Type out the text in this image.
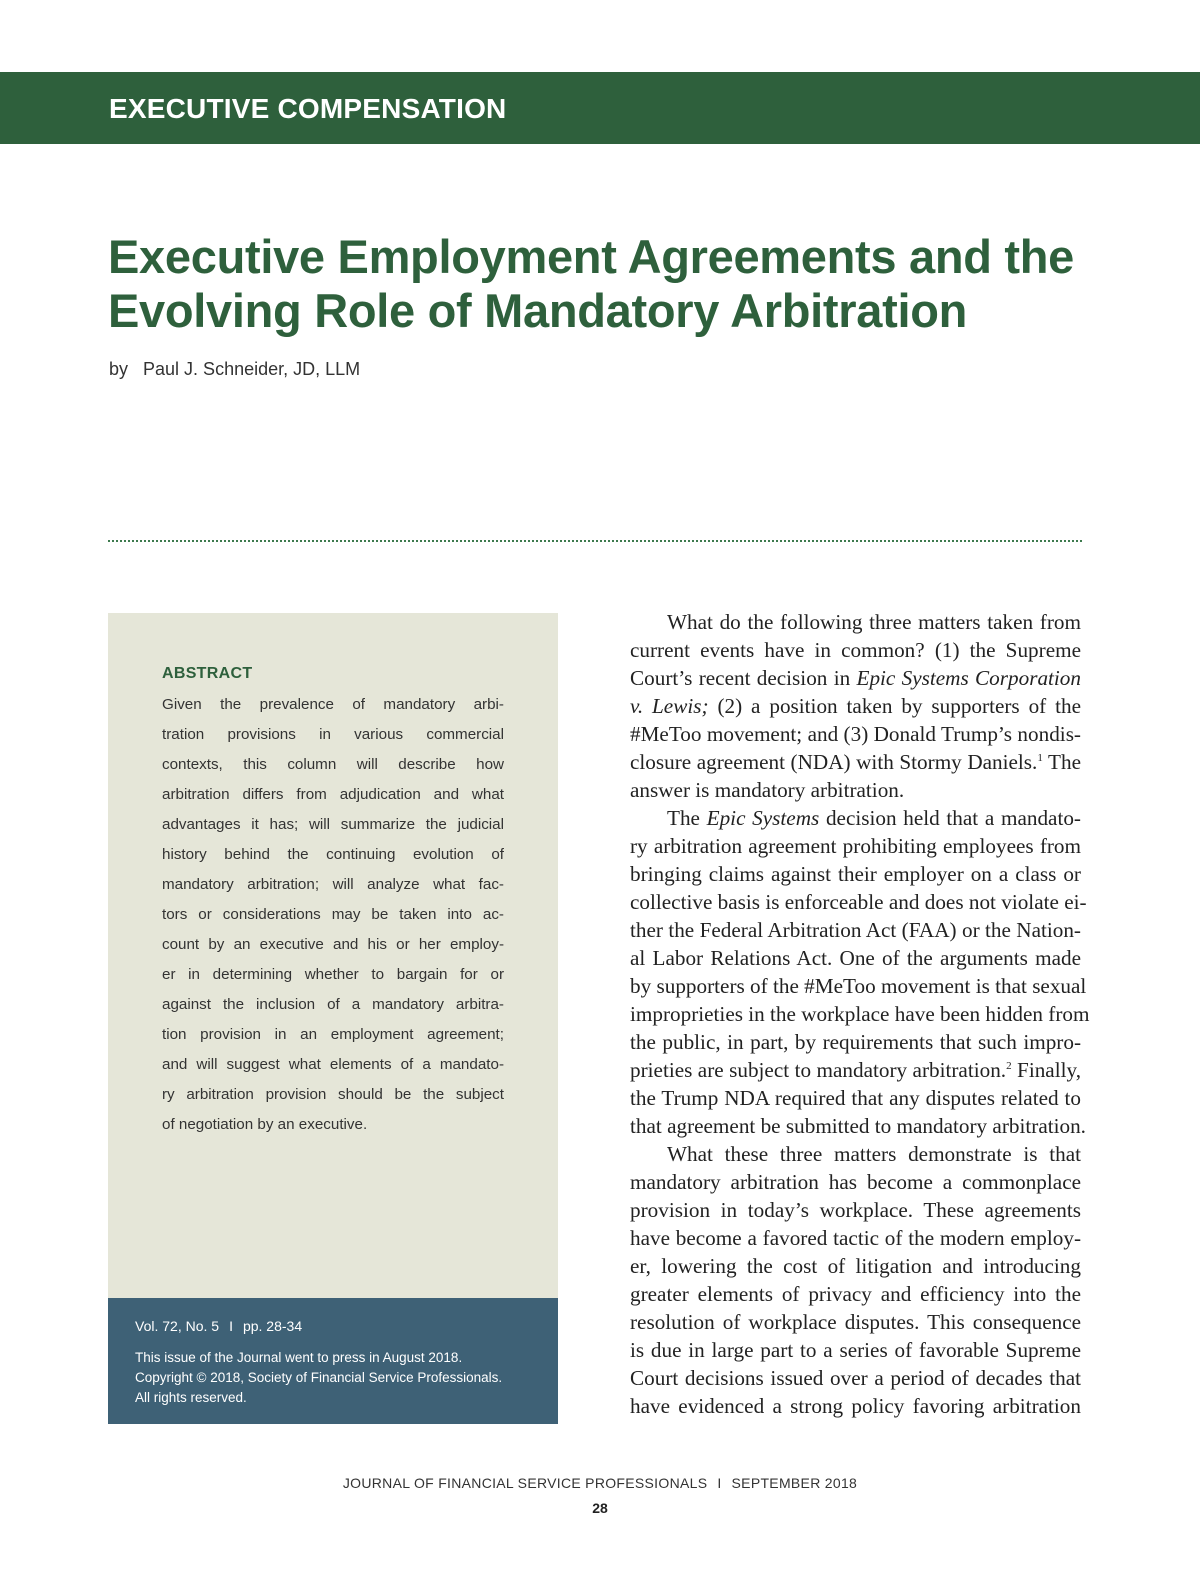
EXECUTIVE COMPENSATION
Executive Employment Agreements and the Evolving Role of Mandatory Arbitration
by Paul J. Schneider, JD, LLM
ABSTRACT
Given the prevalence of mandatory arbi-
tration provisions in various commercial
contexts, this column will describe how
arbitration differs from adjudication and what
advantages it has; will summarize the judicial
history behind the continuing evolution of
mandatory arbitration; will analyze what fac-
tors or considerations may be taken into ac-
count by an executive and his or her employ-
er in determining whether to bargain for or
against the inclusion of a mandatory arbitra-
tion provision in an employment agreement;
and will suggest what elements of a mandato-
ry arbitration provision should be the subject
of negotiation by an executive.
Vol. 72, No. 5 I pp. 28-34
This issue of the Journal went to press in August 2018.
Copyright © 2018, Society of Financial Service Professionals.
All rights reserved.
What do the following three matters taken from
current events have in common? (1) the Supreme
Court’s recent decision in Epic Systems Corporation
v. Lewis; (2) a position taken by supporters of the
#MeToo movement; and (3) Donald Trump’s nondis-
closure agreement (NDA) with Stormy Daniels.$^1$ The
answer is mandatory arbitration.
The Epic Systems decision held that a mandato-
ry arbitration agreement prohibiting employees from
bringing claims against their employer on a class or
collective basis is enforceable and does not violate ei-
ther the Federal Arbitration Act (FAA) or the Nation-
al Labor Relations Act. One of the arguments made
by supporters of the #MeToo movement is that sexual
improprieties in the workplace have been hidden from
the public, in part, by requirements that such impro-
prieties are subject to mandatory arbitration.$^2$ Finally,
the Trump NDA required that any disputes related to
that agreement be submitted to mandatory arbitration.
What these three matters demonstrate is that
mandatory arbitration has become a commonplace
provision in today’s workplace. These agreements
have become a favored tactic of the modern employ-
er, lowering the cost of litigation and introducing
greater elements of privacy and efficiency into the
resolution of workplace disputes. This consequence
is due in large part to a series of favorable Supreme
Court decisions issued over a period of decades that
have evidenced a strong policy favoring arbitration
JOURNAL OF FINANCIAL SERVICE PROFESSIONALS I SEPTEMBER 2018
28
